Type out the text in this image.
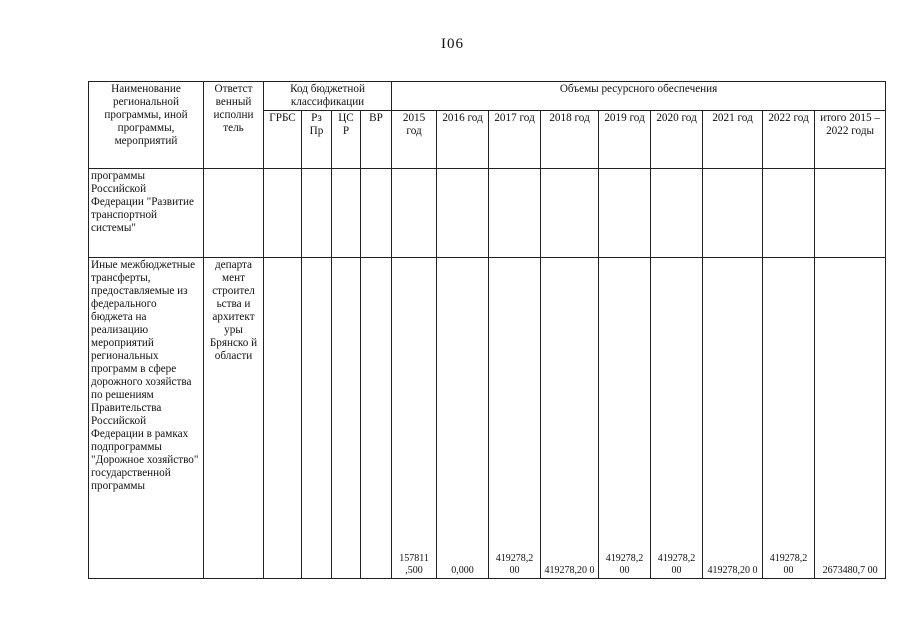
I06
Наименование региональной программы, иной программы, мероприятий	Ответст венный исполни тель	Код бюджетной классификации				Объемы ресурсного обеспечения								
		ГРБС	Рз Пр	ЦС Р	ВР	2015 год	2016 год	2017 год	2018 год	2019 год	2020 год	2021 год	2022 год	итого 2015 – 2022 годы
программы Российской Федерации "Развитие транспортной системы"														
Иные межбюджетные трансферты, предоставляемые из федерального бюджета на реализацию мероприятий региональных программ в сфере дорожного хозяйства по решениям Правительства Российской Федерации в рамках подпрограммы "Дорожное хозяйство" государственной программы	департа мент строител ьства и архитект уры Брянско й области					157811 ,500	0,000	419278,2 00	419278,20 0	419278,2 00	419278,2 00	419278,20 0	419278,2 00	2673480,7 00
